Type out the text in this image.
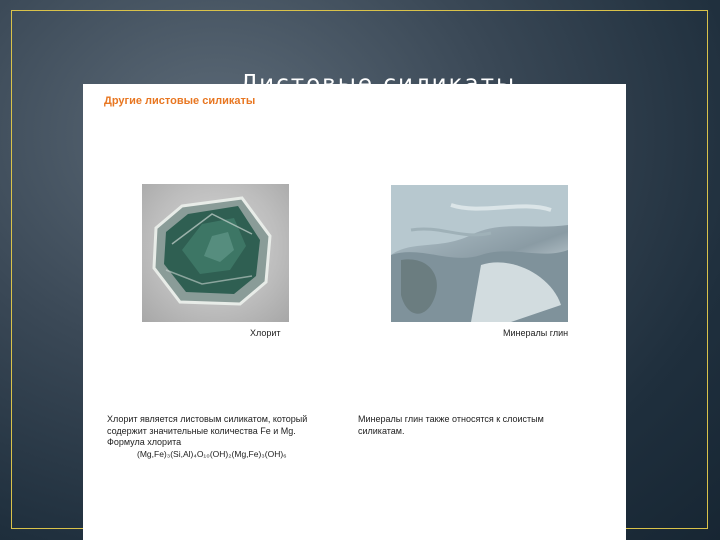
Другие листовые силикаты

Хлорит	Минералы глин

Хлорит является листовым силикатом, который
содержит значительные количества Fe и Mg.
Формула хлорита
(Mg,Fe)₃(Si,Al)₄O₁₀(OH)₂(Mg,Fe)₃(OH)₆
Минералы глин также относятся к слоистым
силикатам.
